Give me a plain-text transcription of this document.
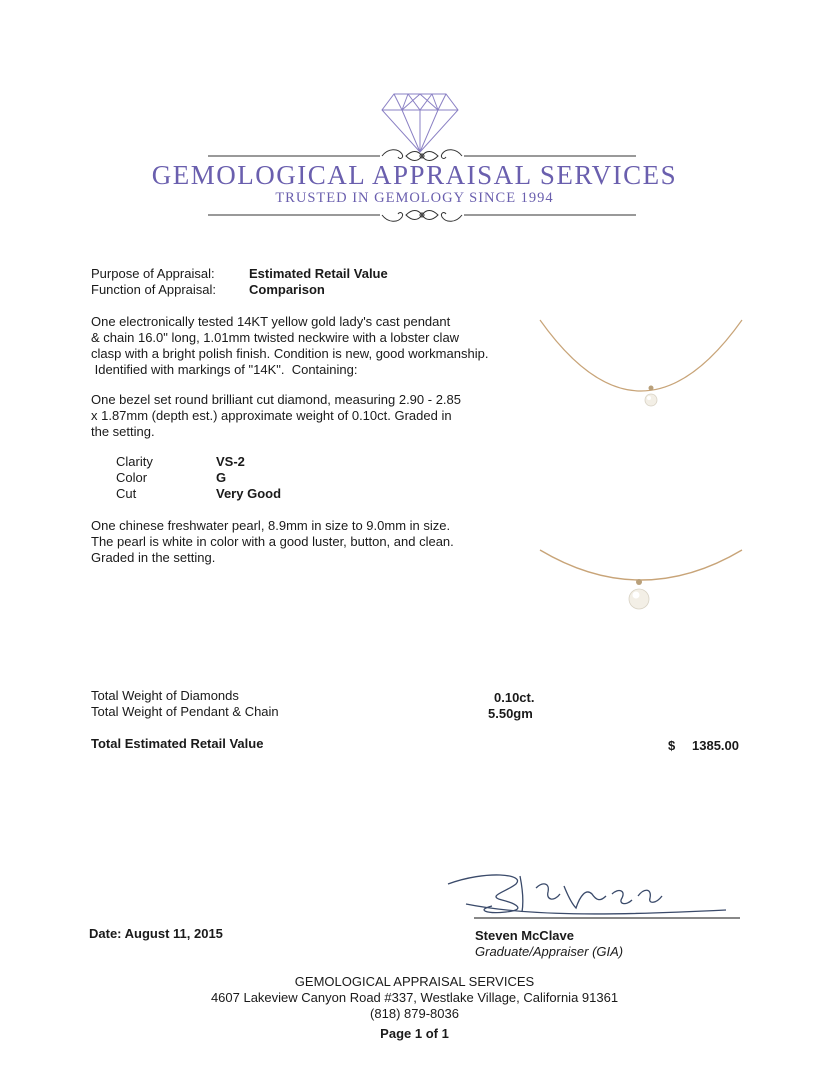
GEMOLOGICAL APPRAISAL SERVICES
TRUSTED IN GEMOLOGY SINCE 1994
Purpose of Appraisal:	Estimated Retail Value
Function of Appraisal:	Comparison
One electronically tested 14KT yellow gold lady's cast pendant
& chain 16.0" long, 1.01mm twisted neckwire with a lobster claw
clasp with a bright polish finish. Condition is new, good workmanship.
Identified with markings of "14K".  Containing:
One bezel set round brilliant cut diamond, measuring 2.90 - 2.85
x 1.87mm (depth est.) approximate weight of 0.10ct. Graded in
the setting.
Clarity	VS-2
Color	G
Cut	Very Good
One chinese freshwater pearl, 8.9mm in size to 9.0mm in size.
The pearl is white in color with a good luster, button, and clean.
Graded in the setting.
Total Weight of Diamonds	0.10ct.
Total Weight of Pendant & Chain	5.50gm
Total Estimated Retail Value	$ 1385.00
Date: August 11, 2015	Steven McClave
Graduate/Appraiser (GIA)
GEMOLOGICAL APPRAISAL SERVICES
4607 Lakeview Canyon Road #337, Westlake Village, California 91361
(818) 879-8036
Page 1 of 1
